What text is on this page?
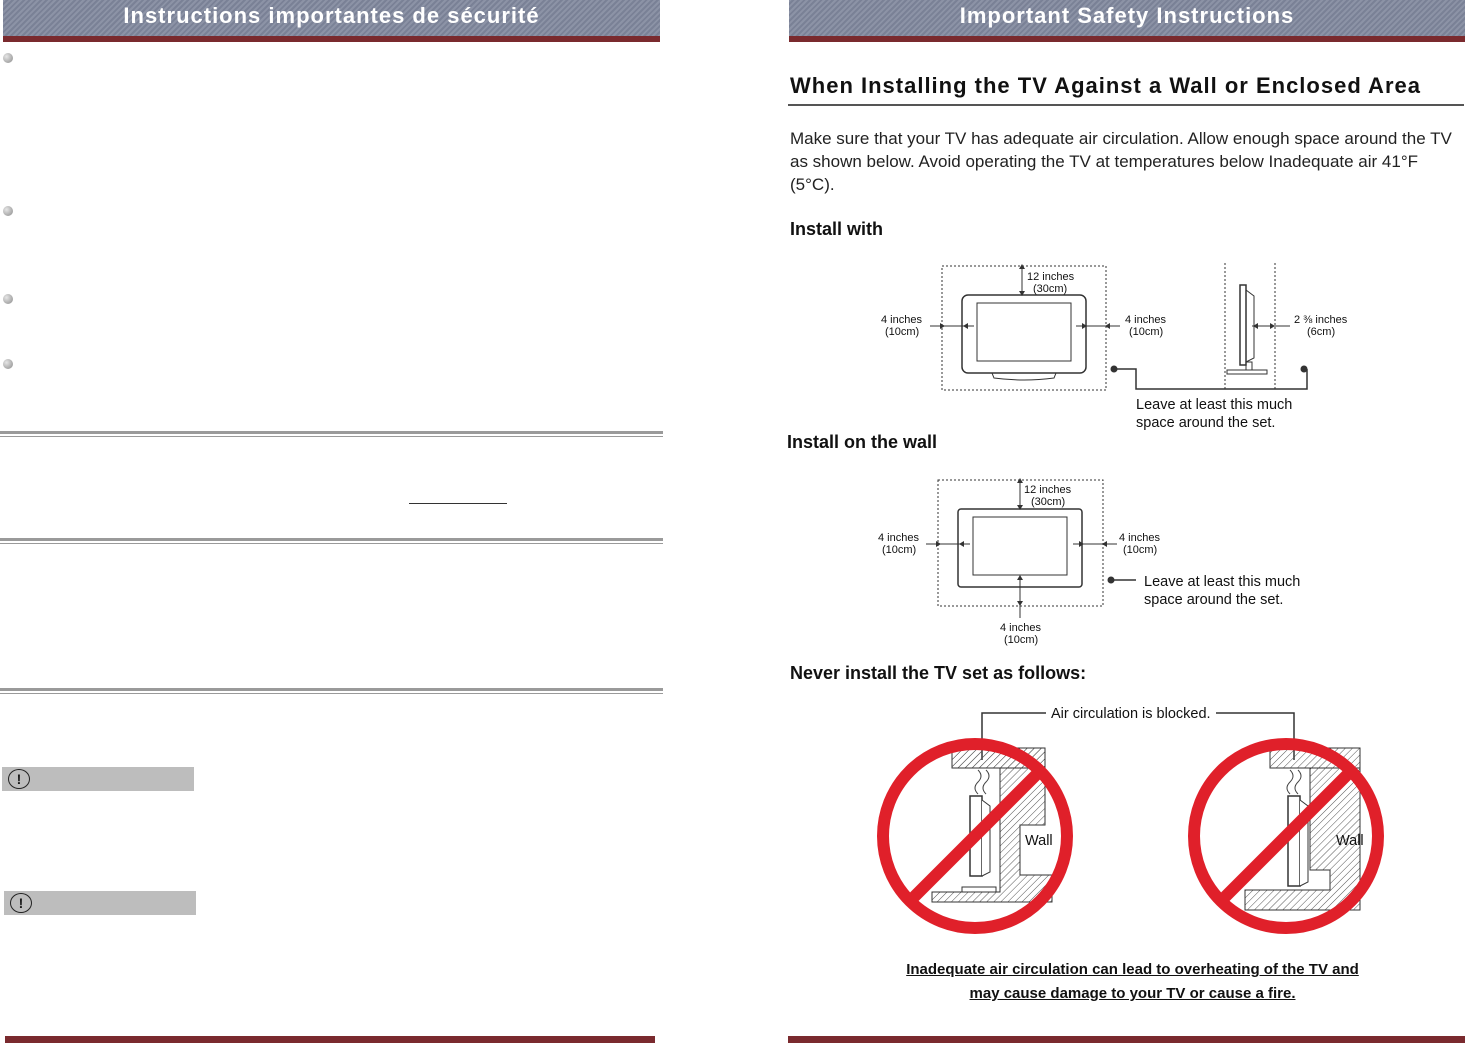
Instructions importantes de sécurité
!
!
Important Safety Instructions
When Installing the TV Against a Wall or Enclosed Area
Make sure that your TV has adequate air circulation. Allow enough space around the TV as shown below. Avoid operating the TV at temperatures below Inadequate air 41°F (5°C).
Install with
12 inches
(30cm)
4 inches
(10cm)
4 inches
(10cm)
2 ⅜ inches
(6cm)
Leave at least this much
space around the set.
Install on the wall
12 inches
(30cm)
4 inches
(10cm)
4 inches
(10cm)
4 inches
(10cm)
Leave at least this much
space around the set.
Never install the TV set as follows:
Air circulation is blocked.
Wall	Wall
Inadequate air circulation can lead to overheating of the TV and
may cause damage to your TV or cause a fire.
